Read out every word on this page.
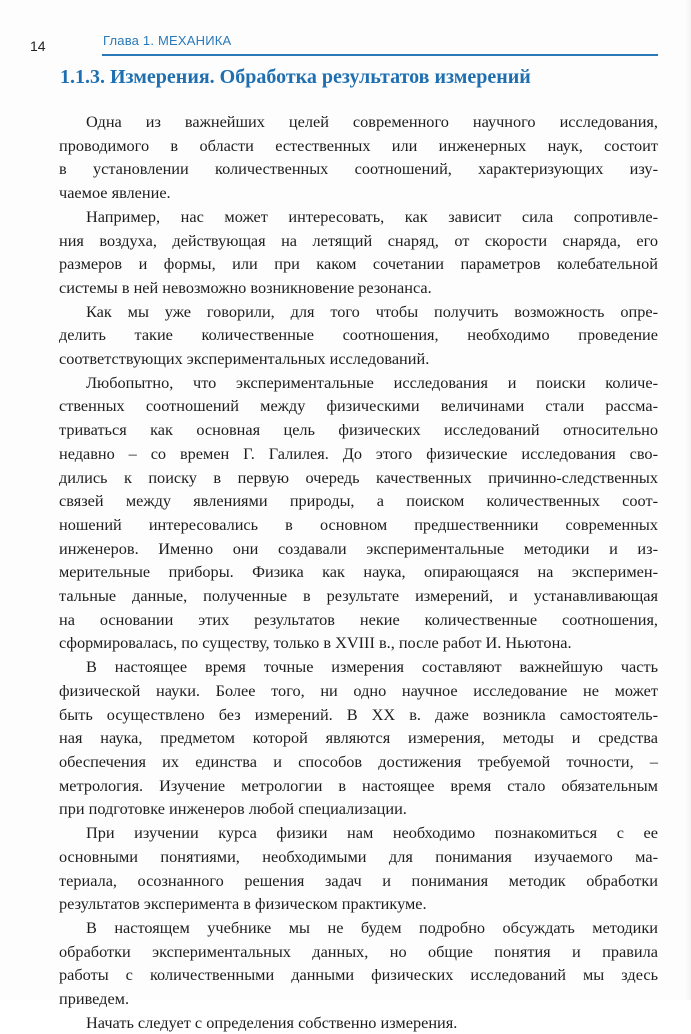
14	Глава 1. МЕХАНИКА
1.1.3. Измерения. Обработка результатов измерений
Одна из важнейших целей современного научного исследования,
проводимого в области естественных или инженерных наук, состоит
в установлении количественных соотношений, характеризующих изу-
чаемое явление.
Например, нас может интересовать, как зависит сила сопротивле-
ния воздуха, действующая на летящий снаряд, от скорости снаряда, его
размеров и формы, или при каком сочетании параметров колебательной
системы в ней невозможно возникновение резонанса.
Как мы уже говорили, для того чтобы получить возможность опре-
делить такие количественные соотношения, необходимо проведение
соответствующих экспериментальных исследований.
Любопытно, что экспериментальные исследования и поиски количе-
ственных соотношений между физическими величинами стали рассма-
триваться как основная цель физических исследований относительно
недавно – со времен Г. Галилея. До этого физические исследования сво-
дились к поиску в первую очередь качественных причинно-следственных
связей между явлениями природы, а поиском количественных соот-
ношений интересовались в основном предшественники современных
инженеров. Именно они создавали экспериментальные методики и из-
мерительные приборы. Физика как наука, опирающаяся на эксперимен-
тальные данные, полученные в результате измерений, и устанавливающая
на основании этих результатов некие количественные соотношения,
сформировалась, по существу, только в XVIII в., после работ И. Ньютона.
В настоящее время точные измерения составляют важнейшую часть
физической науки. Более того, ни одно научное исследование не может
быть осуществлено без измерений. В XX в. даже возникла самостоятель-
ная наука, предметом которой являются измерения, методы и средства
обеспечения их единства и способов достижения требуемой точности, –
метрология. Изучение метрологии в настоящее время стало обязательным
при подготовке инженеров любой специализации.
При изучении курса физики нам необходимо познакомиться с ее
основными понятиями, необходимыми для понимания изучаемого ма-
териала, осознанного решения задач и понимания методик обработки
результатов эксперимента в физическом практикуме.
В настоящем учебнике мы не будем подробно обсуждать методики
обработки экспериментальных данных, но общие понятия и правила
работы с количественными данными физических исследований мы здесь
приведем.
Начать следует с определения собственно измерения.
